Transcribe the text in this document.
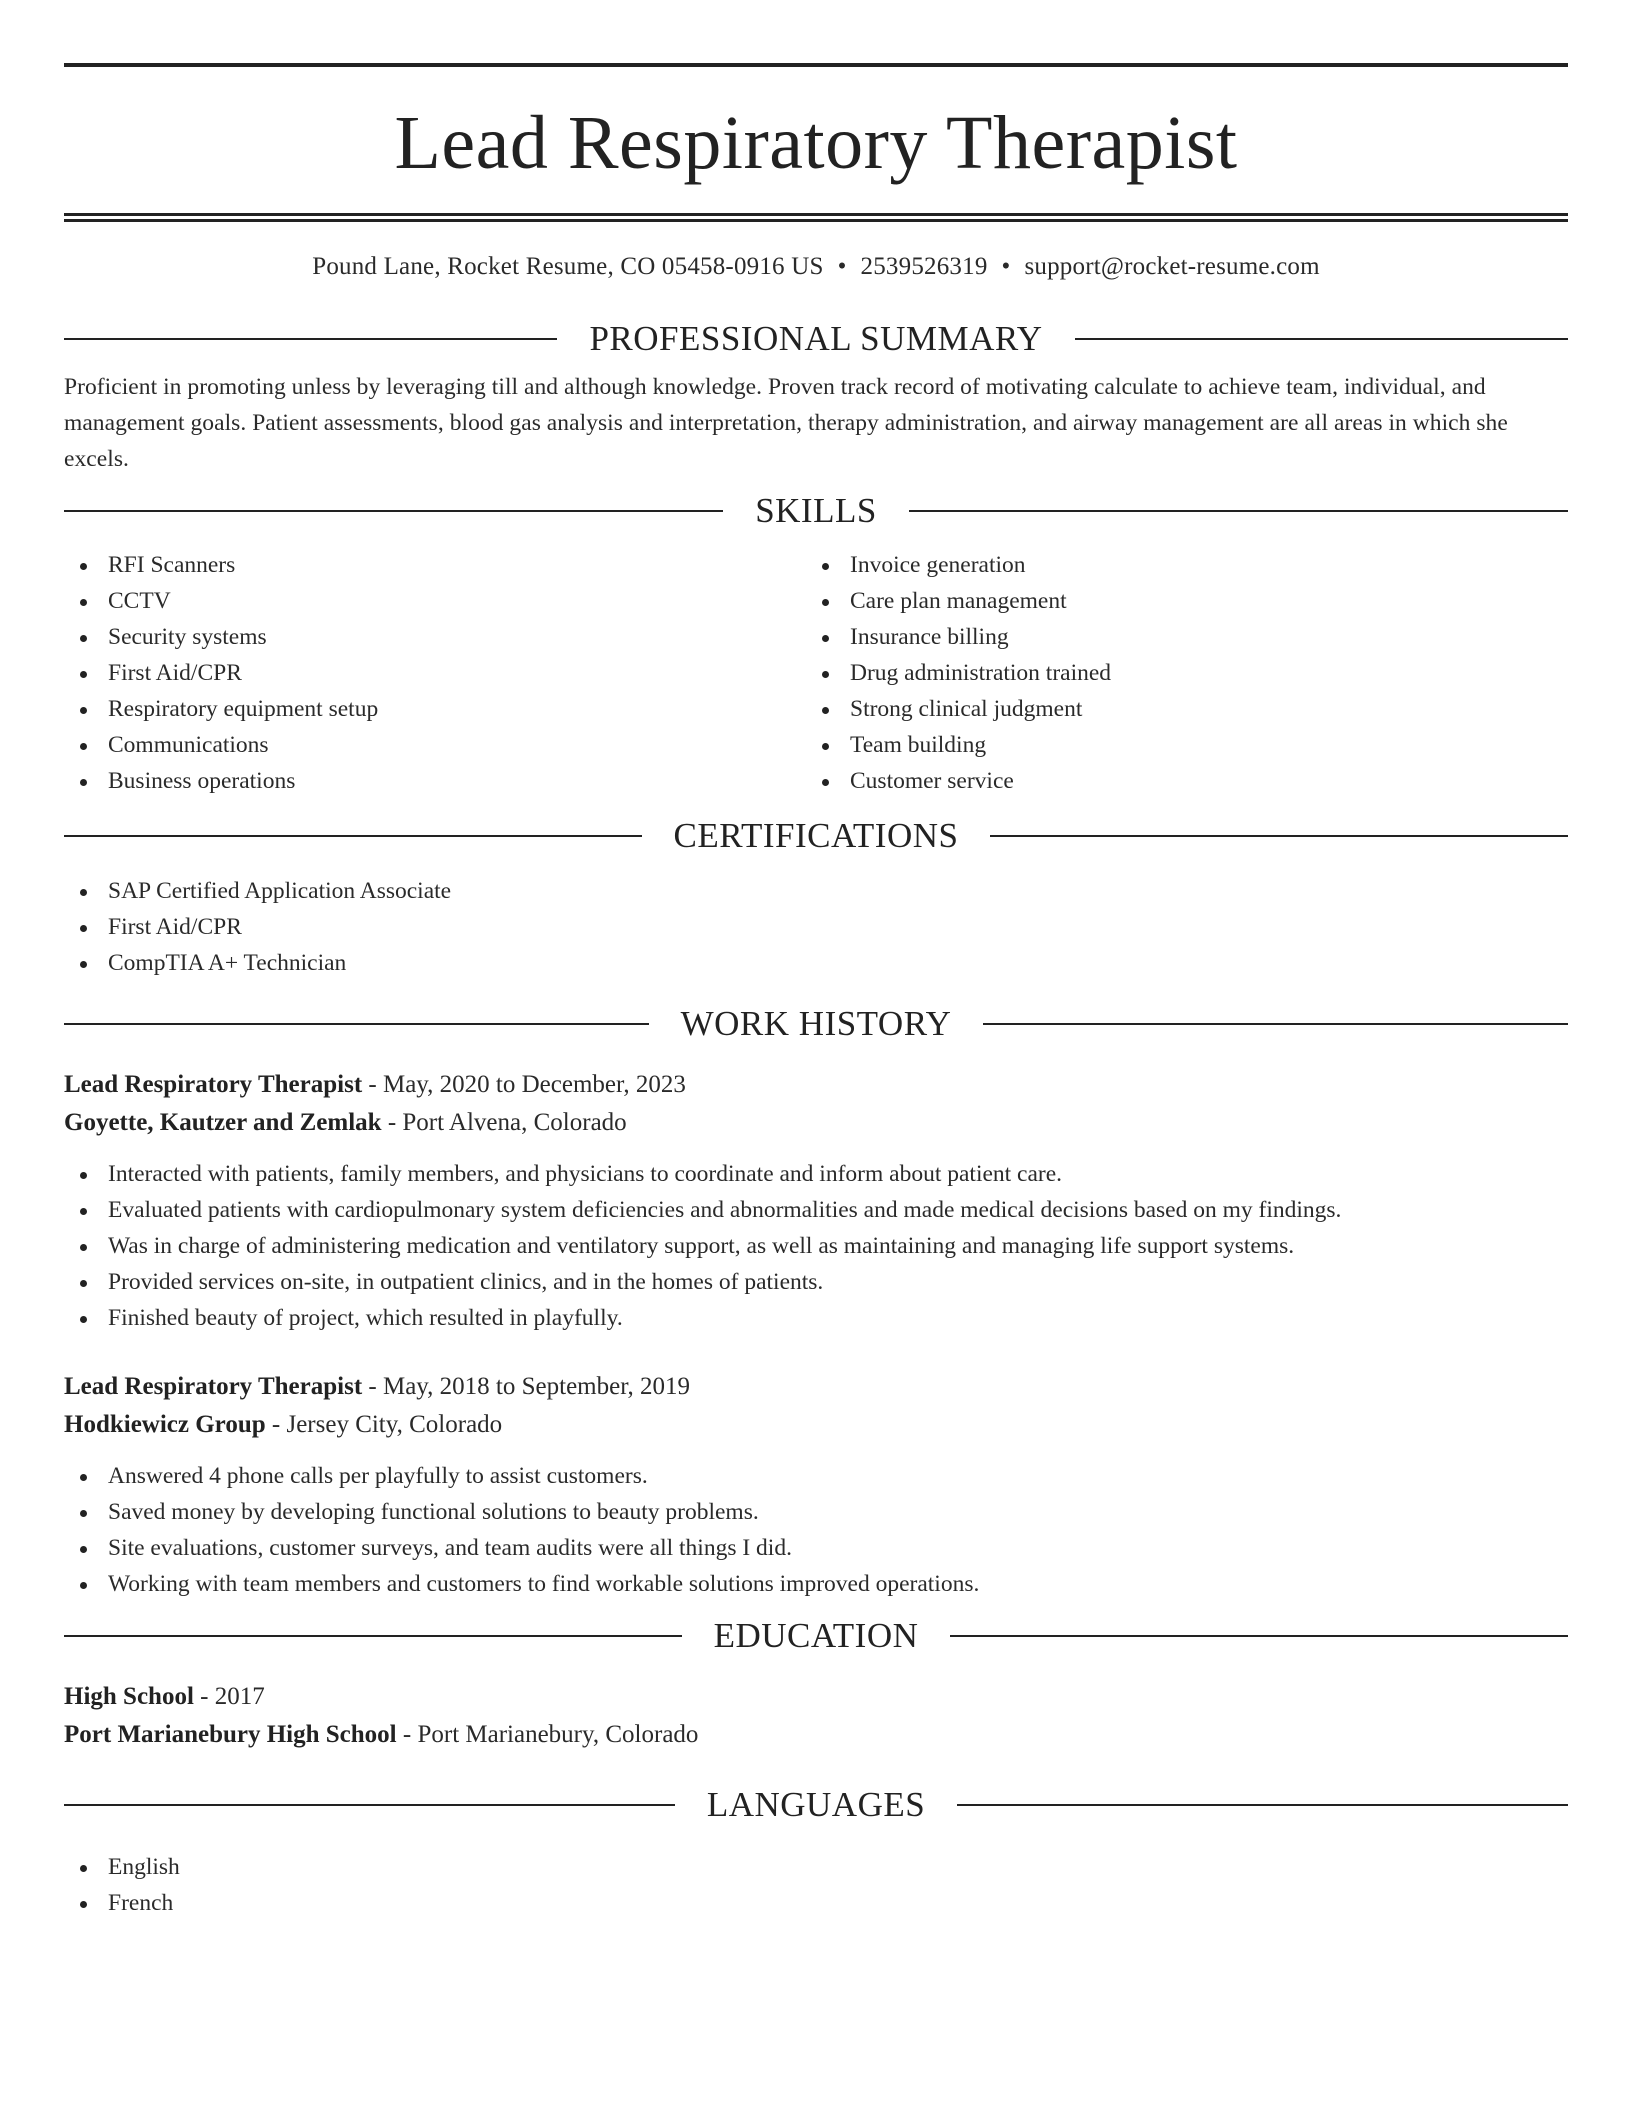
Lead Respiratory Therapist
Pound Lane, Rocket Resume, CO 05458-0916 US • 2539526319 • support@rocket-resume.com
PROFESSIONAL SUMMARY
Proficient in promoting unless by leveraging till and although knowledge. Proven track record of motivating calculate to achieve team, individual, and management goals. Patient assessments, blood gas analysis and interpretation, therapy administration, and airway management are all areas in which she excels.
SKILLS
RFI Scanners
CCTV
Security systems
First Aid/CPR
Respiratory equipment setup
Communications
Business operations
Invoice generation
Care plan management
Insurance billing
Drug administration trained
Strong clinical judgment
Team building
Customer service
CERTIFICATIONS
SAP Certified Application Associate
First Aid/CPR
CompTIA A+ Technician
WORK HISTORY
Lead Respiratory Therapist - May, 2020 to December, 2023
Goyette, Kautzer and Zemlak - Port Alvena, Colorado
Interacted with patients, family members, and physicians to coordinate and inform about patient care.
Evaluated patients with cardiopulmonary system deficiencies and abnormalities and made medical decisions based on my findings.
Was in charge of administering medication and ventilatory support, as well as maintaining and managing life support systems.
Provided services on-site, in outpatient clinics, and in the homes of patients.
Finished beauty of project, which resulted in playfully.
Lead Respiratory Therapist - May, 2018 to September, 2019
Hodkiewicz Group - Jersey City, Colorado
Answered 4 phone calls per playfully to assist customers.
Saved money by developing functional solutions to beauty problems.
Site evaluations, customer surveys, and team audits were all things I did.
Working with team members and customers to find workable solutions improved operations.
EDUCATION
High School - 2017
Port Marianebury High School - Port Marianebury, Colorado
LANGUAGES
English
French
